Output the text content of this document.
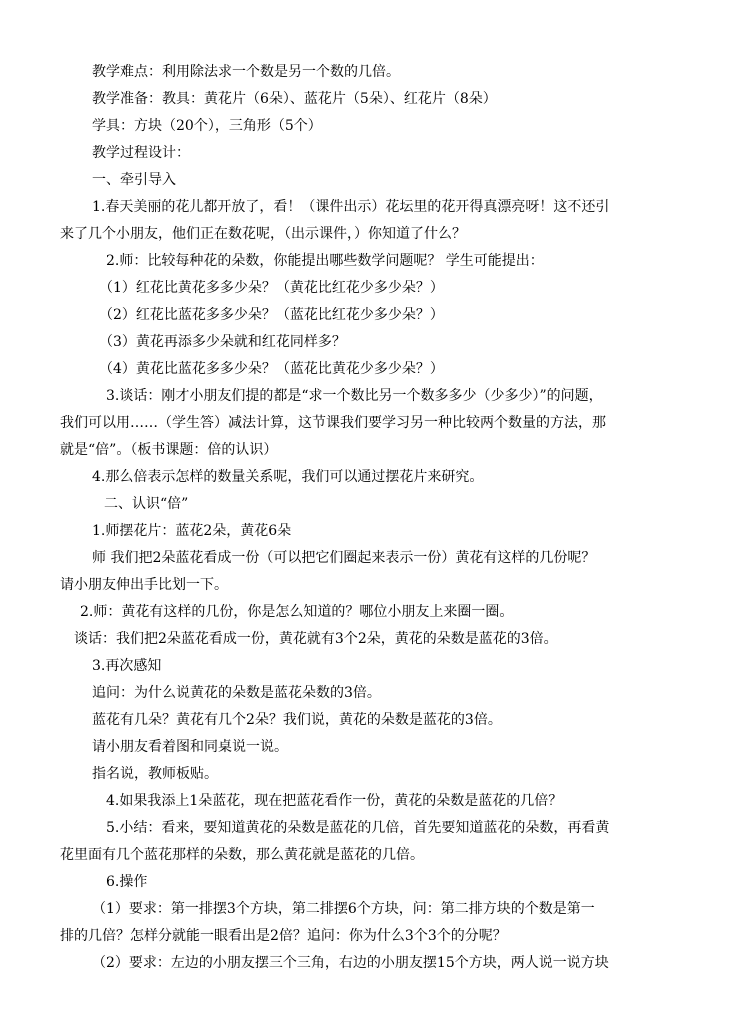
教学难点：利用除法求一个数是另一个数的几倍。
教学准备：教具：黄花片（6朵）、蓝花片（5朵）、红花片（8朵）
学具：方块（20个），三角形（5个）
教学过程设计：
一、牵引导入
1.春天美丽的花儿都开放了，看！（课件出示）花坛里的花开得真漂亮呀！这不还引
来了几个小朋友，他们正在数花呢，（出示课件，）你知道了什么？
2.师：比较每种花的朵数，你能提出哪些数学问题呢？ 学生可能提出：
（1）红花比黄花多多少朵？（黄花比红花少多少朵？）
（2）红花比蓝花多多少朵？（蓝花比红花少多少朵？）
（3）黄花再添多少朵就和红花同样多？
（4）黄花比蓝花多多少朵？（蓝花比黄花少多少朵？）
3.谈话：刚才小朋友们提的都是“求一个数比另一个数多多少（少多少）”的问题，
我们可以用……（学生答）减法计算，这节课我们要学习另一种比较两个数量的方法，那
就是“倍”。（板书课题：倍的认识）
4.那么倍表示怎样的数量关系呢，我们可以通过摆花片来研究。
二、认识“倍”
1.师摆花片：蓝花2朵，黄花6朵
师 我们把2朵蓝花看成一份（可以把它们圈起来表示一份）黄花有这样的几份呢？
请小朋友伸出手比划一下。
2.师：黄花有这样的几份，你是怎么知道的？哪位小朋友上来圈一圈。
谈话：我们把2朵蓝花看成一份，黄花就有3个2朵，黄花的朵数是蓝花的3倍。
3.再次感知
追问：为什么说黄花的朵数是蓝花朵数的3倍。
蓝花有几朵？黄花有几个2朵？我们说，黄花的朵数是蓝花的3倍。
请小朋友看着图和同桌说一说。
指名说，教师板贴。
4.如果我添上1朵蓝花，现在把蓝花看作一份，黄花的朵数是蓝花的几倍？
5.小结：看来，要知道黄花的朵数是蓝花的几倍，首先要知道蓝花的朵数，再看黄
花里面有几个蓝花那样的朵数，那么黄花就是蓝花的几倍。
6.操作
（1）要求：第一排摆3个方块，第二排摆6个方块，问：第二排方块的个数是第一
排的几倍？怎样分就能一眼看出是2倍？追问：你为什么3个3个的分呢？
（2）要求：左边的小朋友摆三个三角，右边的小朋友摆15个方块，两人说一说方块
